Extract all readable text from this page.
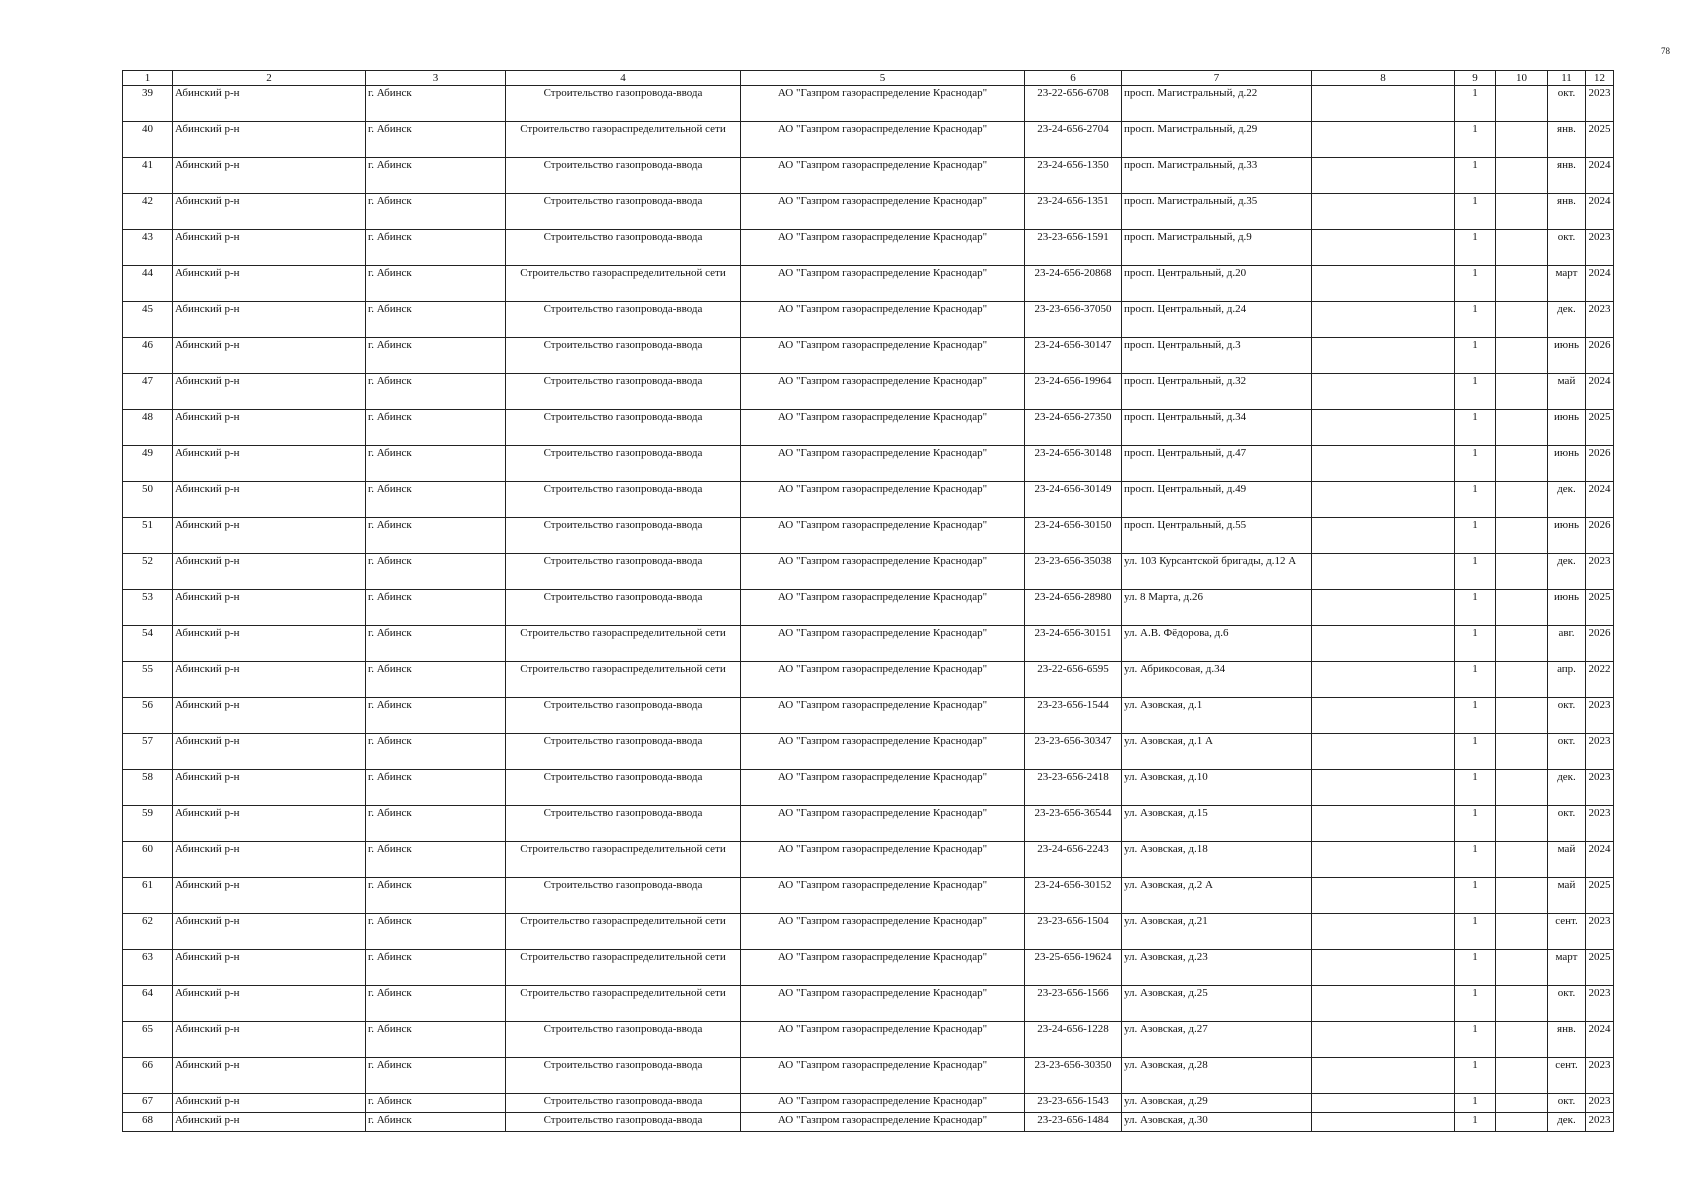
78
1	2	3	4	5	6	7	8	9	10	11	12
39	Абинский р-н	г. Абинск	Строительство газопровода-ввода	АО "Газпром газораспределение Краснодар"	23-22-656-6708	просп. Магистральный, д.22		1		окт.	2023
40	Абинский р-н	г. Абинск	Строительство газораспределительной сети	АО "Газпром газораспределение Краснодар"	23-24-656-2704	просп. Магистральный, д.29		1		янв.	2025
41	Абинский р-н	г. Абинск	Строительство газопровода-ввода	АО "Газпром газораспределение Краснодар"	23-24-656-1350	просп. Магистральный, д.33		1		янв.	2024
42	Абинский р-н	г. Абинск	Строительство газопровода-ввода	АО "Газпром газораспределение Краснодар"	23-24-656-1351	просп. Магистральный, д.35		1		янв.	2024
43	Абинский р-н	г. Абинск	Строительство газопровода-ввода	АО "Газпром газораспределение Краснодар"	23-23-656-1591	просп. Магистральный, д.9		1		окт.	2023
44	Абинский р-н	г. Абинск	Строительство газораспределительной сети	АО "Газпром газораспределение Краснодар"	23-24-656-20868	просп. Центральный, д.20		1		март	2024
45	Абинский р-н	г. Абинск	Строительство газопровода-ввода	АО "Газпром газораспределение Краснодар"	23-23-656-37050	просп. Центральный, д.24		1		дек.	2023
46	Абинский р-н	г. Абинск	Строительство газопровода-ввода	АО "Газпром газораспределение Краснодар"	23-24-656-30147	просп. Центральный, д.3		1		июнь	2026
47	Абинский р-н	г. Абинск	Строительство газопровода-ввода	АО "Газпром газораспределение Краснодар"	23-24-656-19964	просп. Центральный, д.32		1		май	2024
48	Абинский р-н	г. Абинск	Строительство газопровода-ввода	АО "Газпром газораспределение Краснодар"	23-24-656-27350	просп. Центральный, д.34		1		июнь	2025
49	Абинский р-н	г. Абинск	Строительство газопровода-ввода	АО "Газпром газораспределение Краснодар"	23-24-656-30148	просп. Центральный, д.47		1		июнь	2026
50	Абинский р-н	г. Абинск	Строительство газопровода-ввода	АО "Газпром газораспределение Краснодар"	23-24-656-30149	просп. Центральный, д.49		1		дек.	2024
51	Абинский р-н	г. Абинск	Строительство газопровода-ввода	АО "Газпром газораспределение Краснодар"	23-24-656-30150	просп. Центральный, д.55		1		июнь	2026
52	Абинский р-н	г. Абинск	Строительство газопровода-ввода	АО "Газпром газораспределение Краснодар"	23-23-656-35038	ул. 103 Курсантской бригады, д.12 А		1		дек.	2023
53	Абинский р-н	г. Абинск	Строительство газопровода-ввода	АО "Газпром газораспределение Краснодар"	23-24-656-28980	ул. 8 Марта, д.26		1		июнь	2025
54	Абинский р-н	г. Абинск	Строительство газораспределительной сети	АО "Газпром газораспределение Краснодар"	23-24-656-30151	ул. А.В. Фёдорова, д.6		1		авг.	2026
55	Абинский р-н	г. Абинск	Строительство газораспределительной сети	АО "Газпром газораспределение Краснодар"	23-22-656-6595	ул. Абрикосовая, д.34		1		апр.	2022
56	Абинский р-н	г. Абинск	Строительство газопровода-ввода	АО "Газпром газораспределение Краснодар"	23-23-656-1544	ул. Азовская, д.1		1		окт.	2023
57	Абинский р-н	г. Абинск	Строительство газопровода-ввода	АО "Газпром газораспределение Краснодар"	23-23-656-30347	ул. Азовская, д.1 А		1		окт.	2023
58	Абинский р-н	г. Абинск	Строительство газопровода-ввода	АО "Газпром газораспределение Краснодар"	23-23-656-2418	ул. Азовская, д.10		1		дек.	2023
59	Абинский р-н	г. Абинск	Строительство газопровода-ввода	АО "Газпром газораспределение Краснодар"	23-23-656-36544	ул. Азовская, д.15		1		окт.	2023
60	Абинский р-н	г. Абинск	Строительство газораспределительной сети	АО "Газпром газораспределение Краснодар"	23-24-656-2243	ул. Азовская, д.18		1		май	2024
61	Абинский р-н	г. Абинск	Строительство газопровода-ввода	АО "Газпром газораспределение Краснодар"	23-24-656-30152	ул. Азовская, д.2 А		1		май	2025
62	Абинский р-н	г. Абинск	Строительство газораспределительной сети	АО "Газпром газораспределение Краснодар"	23-23-656-1504	ул. Азовская, д.21		1		сент.	2023
63	Абинский р-н	г. Абинск	Строительство газораспределительной сети	АО "Газпром газораспределение Краснодар"	23-25-656-19624	ул. Азовская, д.23		1		март	2025
64	Абинский р-н	г. Абинск	Строительство газораспределительной сети	АО "Газпром газораспределение Краснодар"	23-23-656-1566	ул. Азовская, д.25		1		окт.	2023
65	Абинский р-н	г. Абинск	Строительство газопровода-ввода	АО "Газпром газораспределение Краснодар"	23-24-656-1228	ул. Азовская, д.27		1		янв.	2024
66	Абинский р-н	г. Абинск	Строительство газопровода-ввода	АО "Газпром газораспределение Краснодар"	23-23-656-30350	ул. Азовская, д.28		1		сент.	2023
67	Абинский р-н	г. Абинск	Строительство газопровода-ввода	АО "Газпром газораспределение Краснодар"	23-23-656-1543	ул. Азовская, д.29		1		окт.	2023
68	Абинский р-н	г. Абинск	Строительство газопровода-ввода	АО "Газпром газораспределение Краснодар"	23-23-656-1484	ул. Азовская, д.30		1		дек.	2023
